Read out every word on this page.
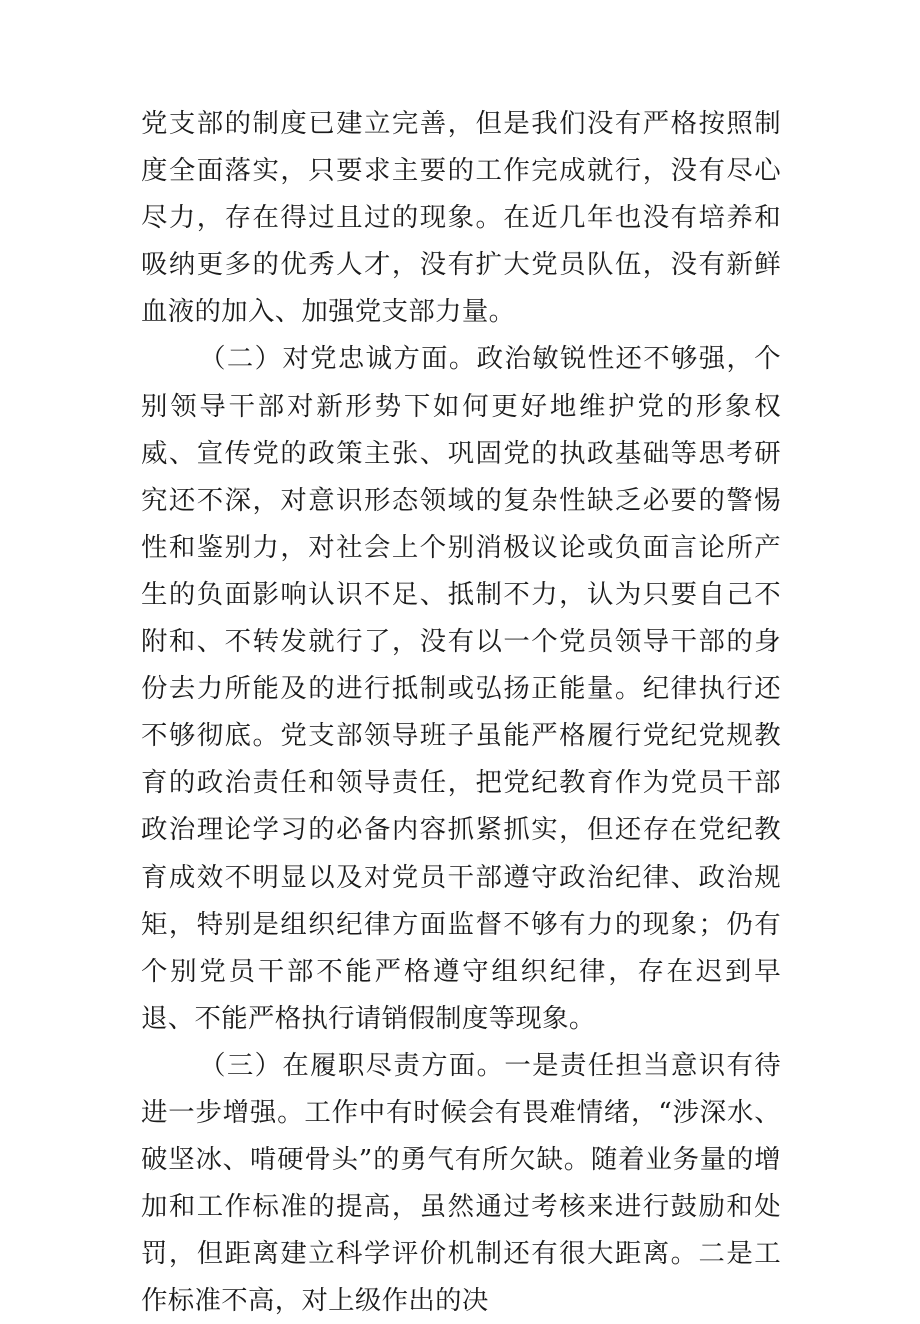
党支部的制度已建立完善，但是我们没有严格按照制度全面落实，只要求主要的工作完成就行，没有尽心尽力，存在得过且过的现象。在近几年也没有培养和吸纳更多的优秀人才，没有扩大党员队伍，没有新鲜血液的加入、加强党支部力量。

（二）对党忠诚方面。政治敏锐性还不够强，个别领导干部对新形势下如何更好地维护党的形象权威、宣传党的政策主张、巩固党的执政基础等思考研究还不深，对意识形态领域的复杂性缺乏必要的警惕性和鉴别力，对社会上个别消极议论或负面言论所产生的负面影响认识不足、抵制不力，认为只要自己不附和、不转发就行了，没有以一个党员领导干部的身份去力所能及的进行抵制或弘扬正能量。纪律执行还不够彻底。党支部领导班子虽能严格履行党纪党规教育的政治责任和领导责任，把党纪教育作为党员干部政治理论学习的必备内容抓紧抓实，但还存在党纪教育成效不明显以及对党员干部遵守政治纪律、政治规矩，特别是组织纪律方面监督不够有力的现象；仍有个别党员干部不能严格遵守组织纪律，存在迟到早退、不能严格执行请销假制度等现象。

（三）在履职尽责方面。一是责任担当意识有待进一步增强。工作中有时候会有畏难情绪，“涉深水、破坚冰、啃硬骨头”的勇气有所欠缺。随着业务量的增加和工作标准的提高，虽然通过考核来进行鼓励和处罚，但距离建立科学评价机制还有很大距离。二是工作标准不高，对上级作出的决
